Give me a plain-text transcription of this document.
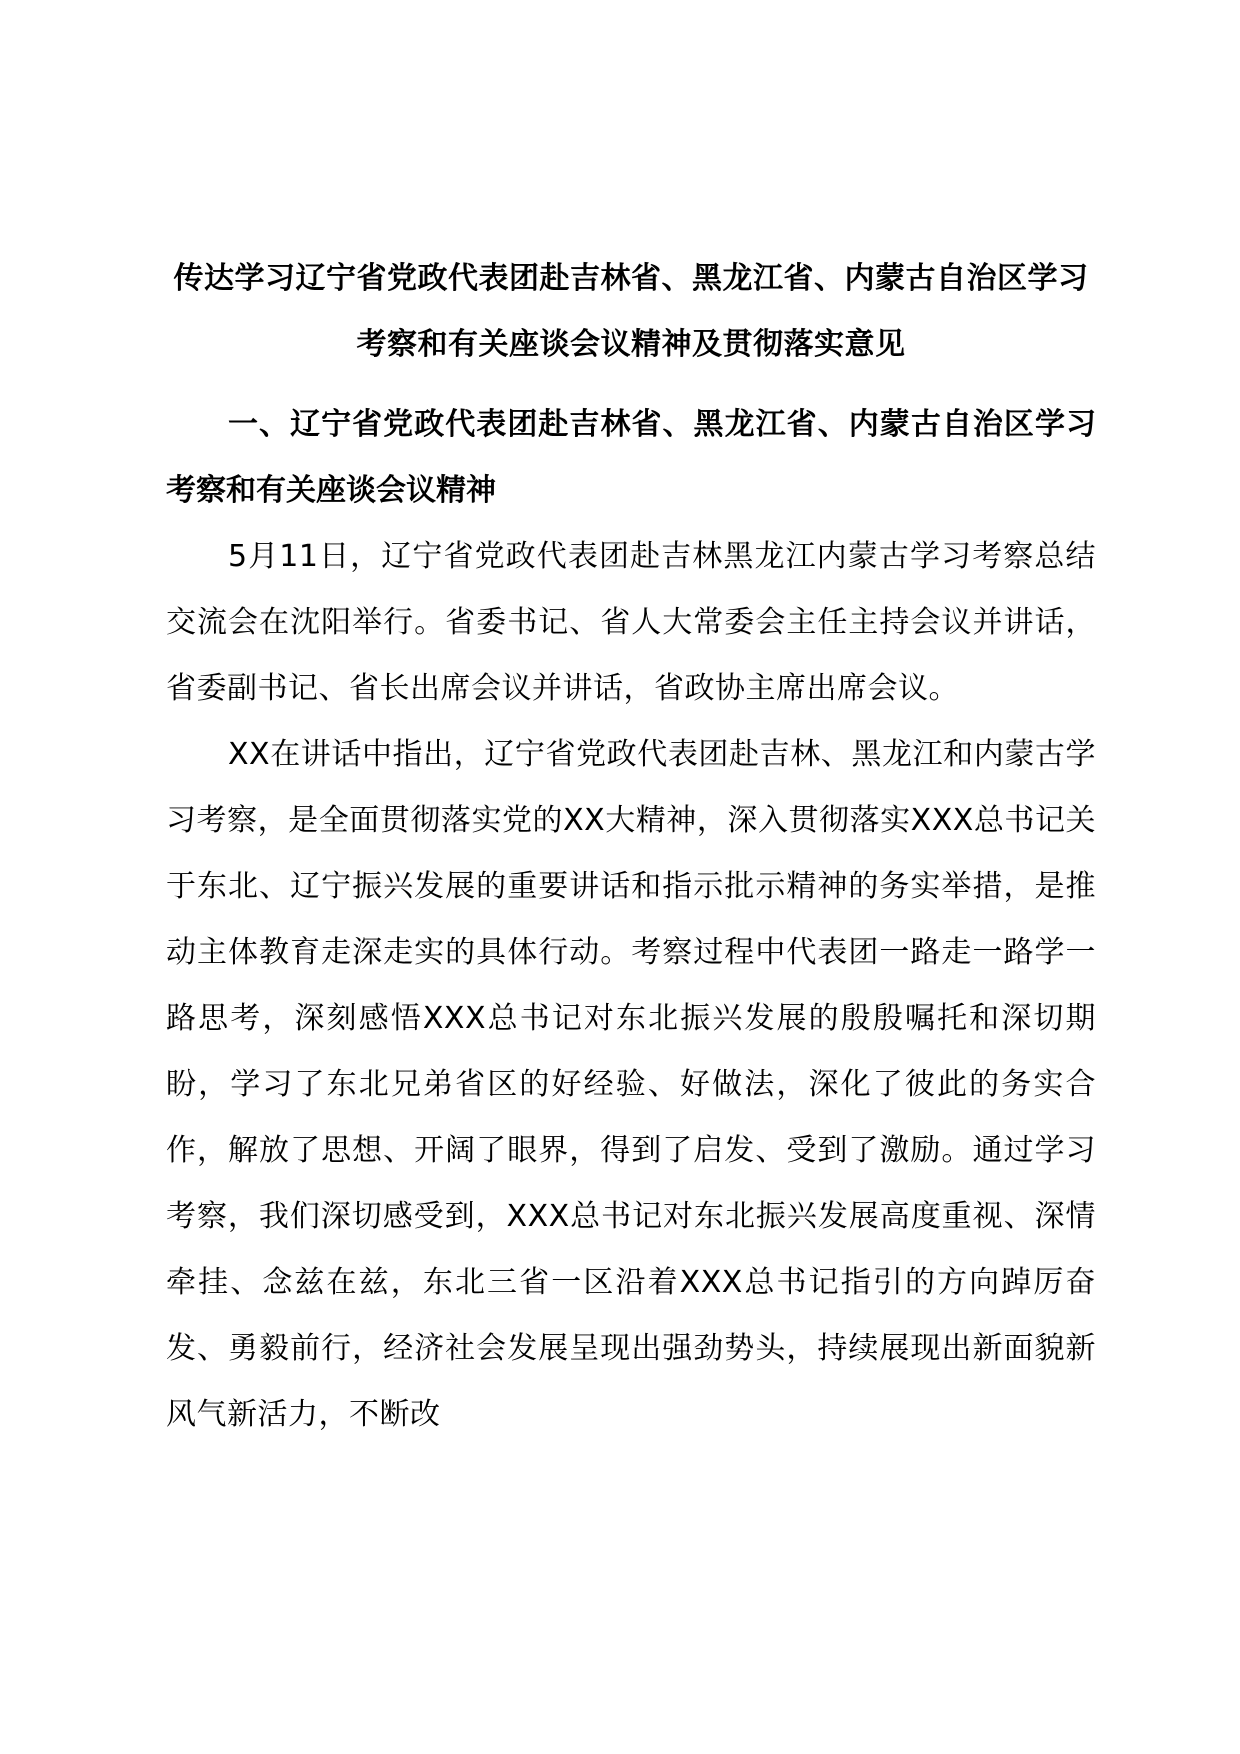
传达学习辽宁省党政代表团赴吉林省、黑龙江省、内蒙古自治区学习考察和有关座谈会议精神及贯彻落实意见
一、辽宁省党政代表团赴吉林省、黑龙江省、内蒙古自治区学习考察和有关座谈会议精神

5月11日，辽宁省党政代表团赴吉林黑龙江内蒙古学习考察总结交流会在沈阳举行。省委书记、省人大常委会主任主持会议并讲话，省委副书记、省长出席会议并讲话，省政协主席出席会议。

XX在讲话中指出，辽宁省党政代表团赴吉林、黑龙江和内蒙古学习考察，是全面贯彻落实党的XX大精神，深入贯彻落实XXX总书记关于东北、辽宁振兴发展的重要讲话和指示批示精神的务实举措，是推动主体教育走深走实的具体行动。考察过程中代表团一路走一路学一路思考，深刻感悟XXX总书记对东北振兴发展的殷殷嘱托和深切期盼，学习了东北兄弟省区的好经验、好做法，深化了彼此的务实合作，解放了思想、开阔了眼界，得到了启发、受到了激励。通过学习考察，我们深切感受到，XXX总书记对东北振兴发展高度重视、深情牵挂、念兹在兹，东北三省一区沿着XXX总书记指引的方向踔厉奋发、勇毅前行，经济社会发展呈现出强劲势头，持续展现出新面貌新风气新活力，不断改
